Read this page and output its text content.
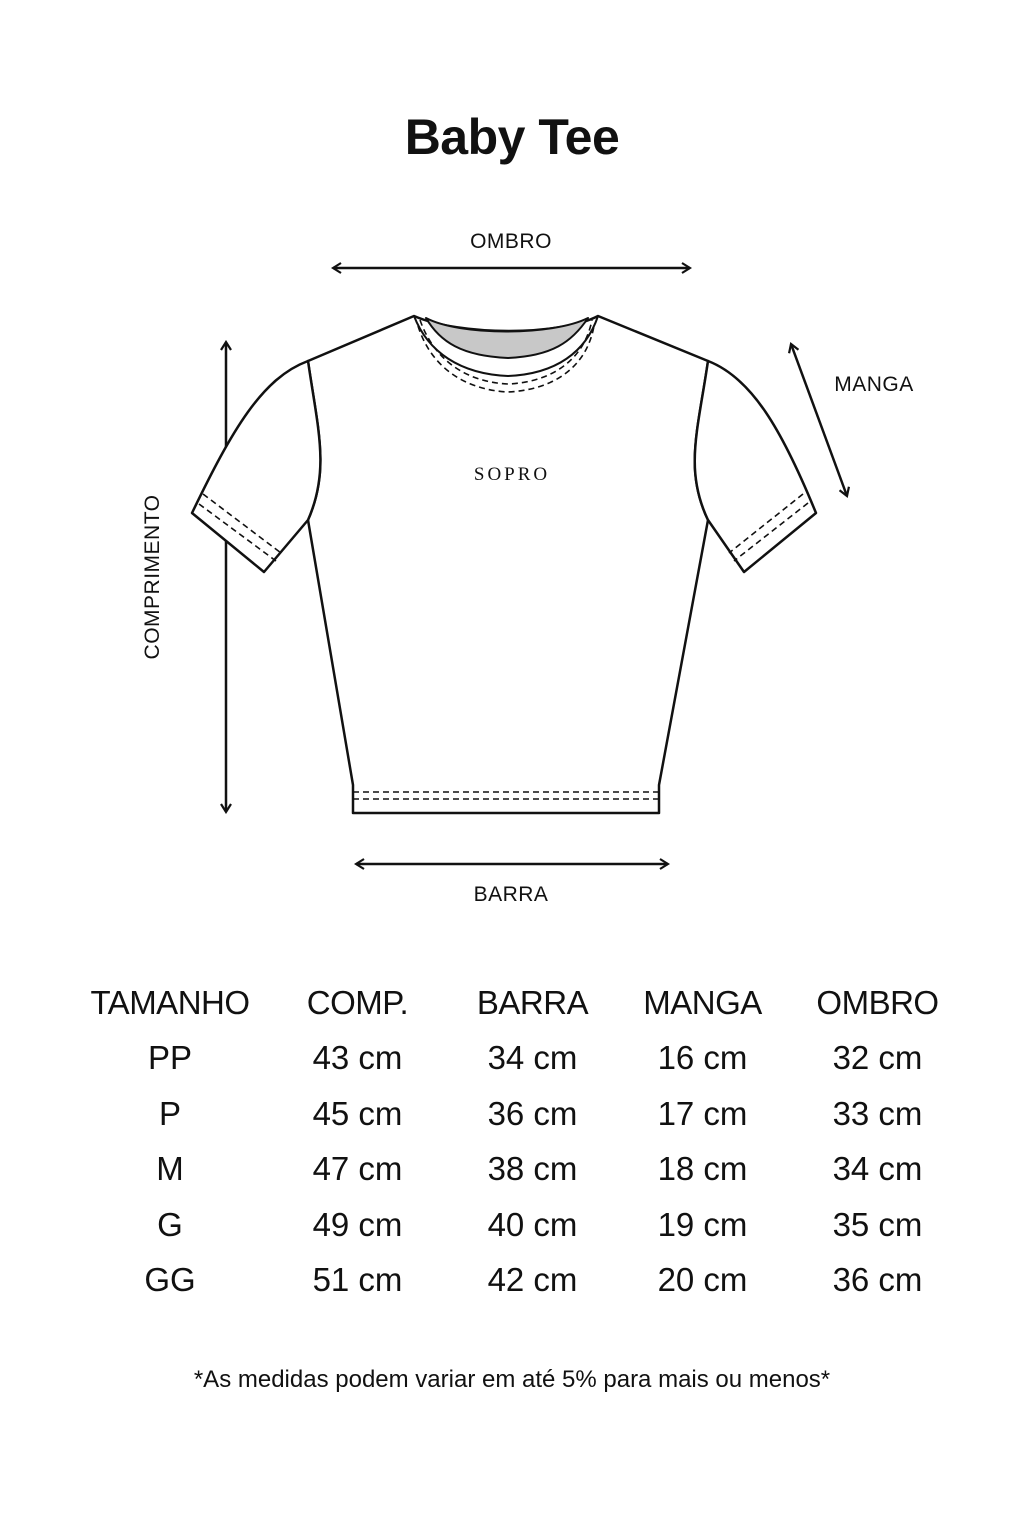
Baby Tee
OMBRO
MANGA
COMPRIMENTO
BARRA
SOPRO
TAMANHO	COMP.	BARRA	MANGA	OMBRO
PP	43 cm	34 cm	16 cm	32 cm
P	45 cm	36 cm	17 cm	33 cm
M	47 cm	38 cm	18 cm	34 cm
G	49 cm	40 cm	19 cm	35 cm
GG	51 cm	42 cm	20 cm	36 cm
*As medidas podem variar em até 5% para mais ou menos*
